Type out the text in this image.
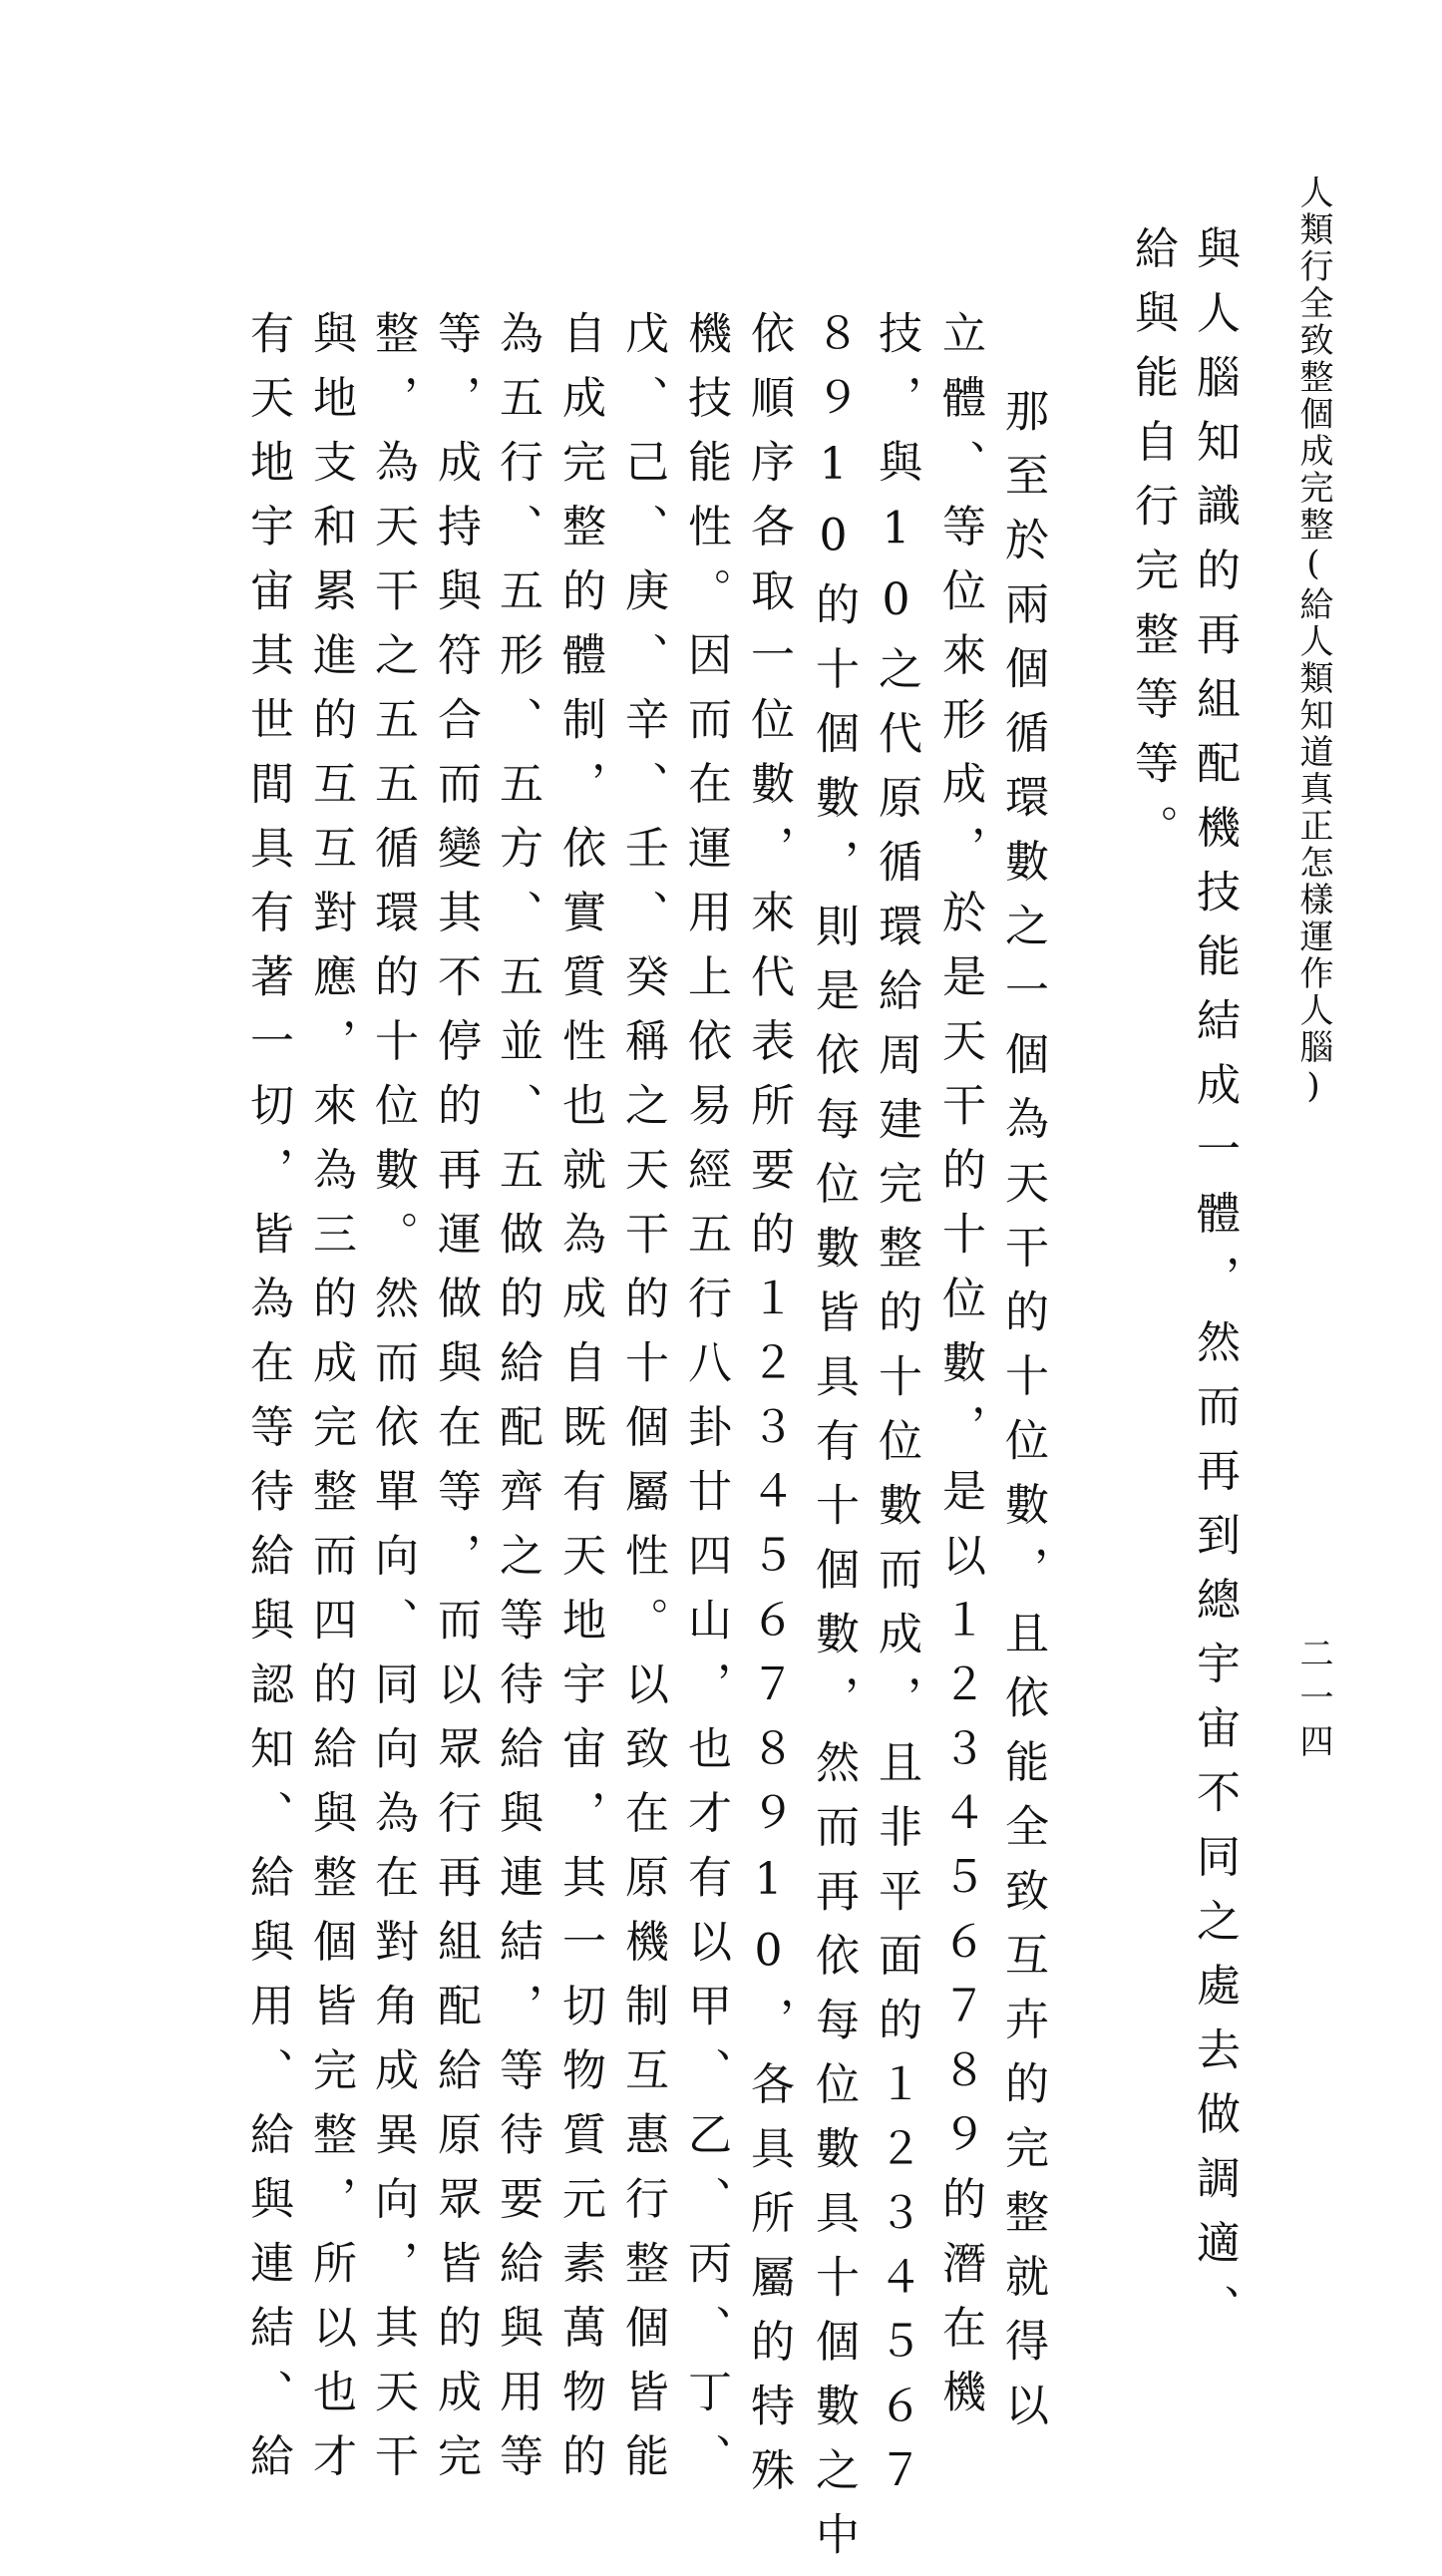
人類行全致整個成完整(給人類知道真正怎樣運作人腦)
與人腦知識的再組配機技能結成一體，然而再到總宇宙不同之處去做調適、
給與能自行完整等等。
那至於兩個循環數之一個為天干的十位數，且依能全致互卉的完整就得以
立體、等位來形成，於是天干的十位數，是以１２３４５６７８９的潛在機
技，與10之代原循環給周建完整的十位數而成，且非平面的１２３４５６７
８９10的十個數，則是依每位數皆具有十個數，然而再依每位數具十個數之中
依順序各取一位數，來代表所要的１２３４５６７８９10，各具所屬的特殊
機技能性。因而在運用上依易經五行八卦廿四山，也才有以甲、乙、丙、丁、
戊、己、庚、辛、壬、癸稱之天干的十個屬性。以致在原機制互惠行整個皆能
自成完整的體制，依實質性也就為成自既有天地宇宙，其一切物質元素萬物的
為五行、五形、五方、五並、五做的給配齊之等待給與連結，等待要給與用等
等，成持與符合而變其不停的再運做與在等，而以眾行再組配給原眾皆的成完
整，為天干之五五循環的十位數。然而依單向、同向為在對角成異向，其天干
與地支和累進的互互對應，來為三的成完整而四的給與整個皆完整，所以也才
有天地宇宙其世間具有著一切，皆為在等待給與認知、給與用、給與連結、給	二一四
